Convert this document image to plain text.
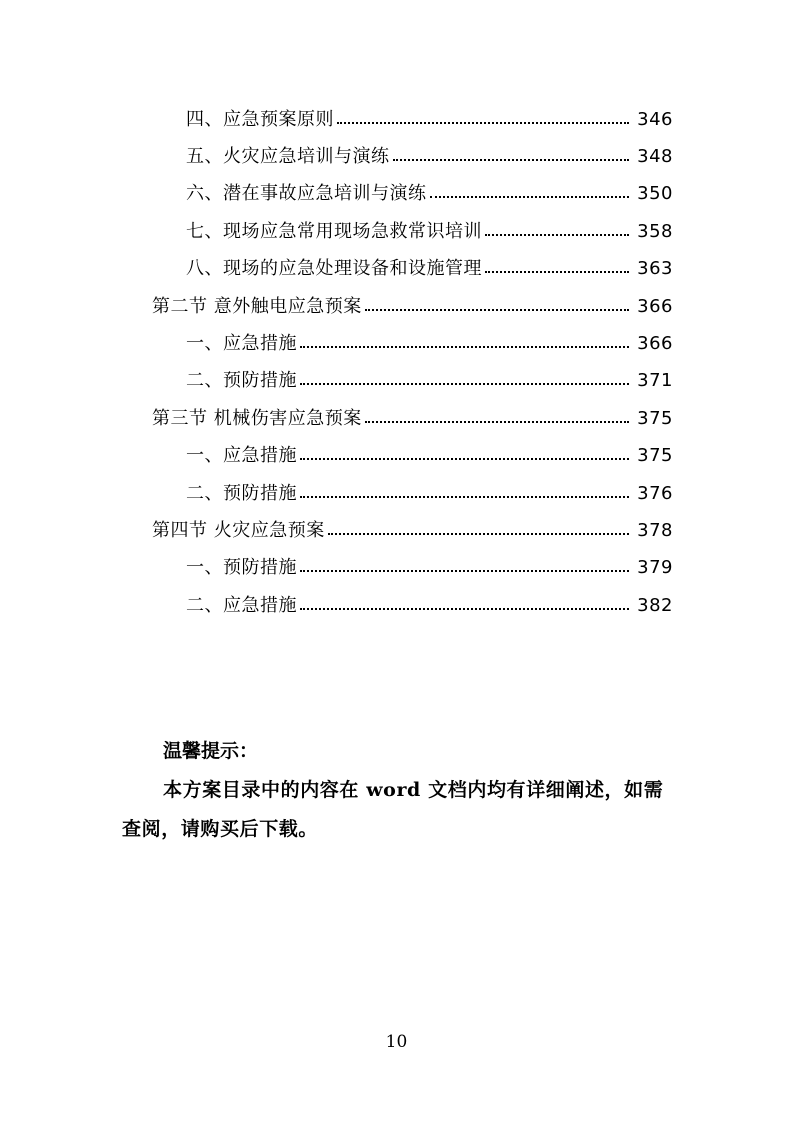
四、应急预案原则	346
五、火灾应急培训与演练	348
六、潜在事故应急培训与演练	350
七、现场应急常用现场急救常识培训	358
八、现场的应急处理设备和设施管理	363
第二节 意外触电应急预案	366
一、应急措施	366
二、预防措施	371
第三节 机械伤害应急预案	375
一、应急措施	375
二、预防措施	376
第四节 火灾应急预案	378
一、预防措施	379
二、应急措施	382
温馨提示：
本方案目录中的内容在 word 文档内均有详细阐述，如需查阅，请购买后下载。
10
